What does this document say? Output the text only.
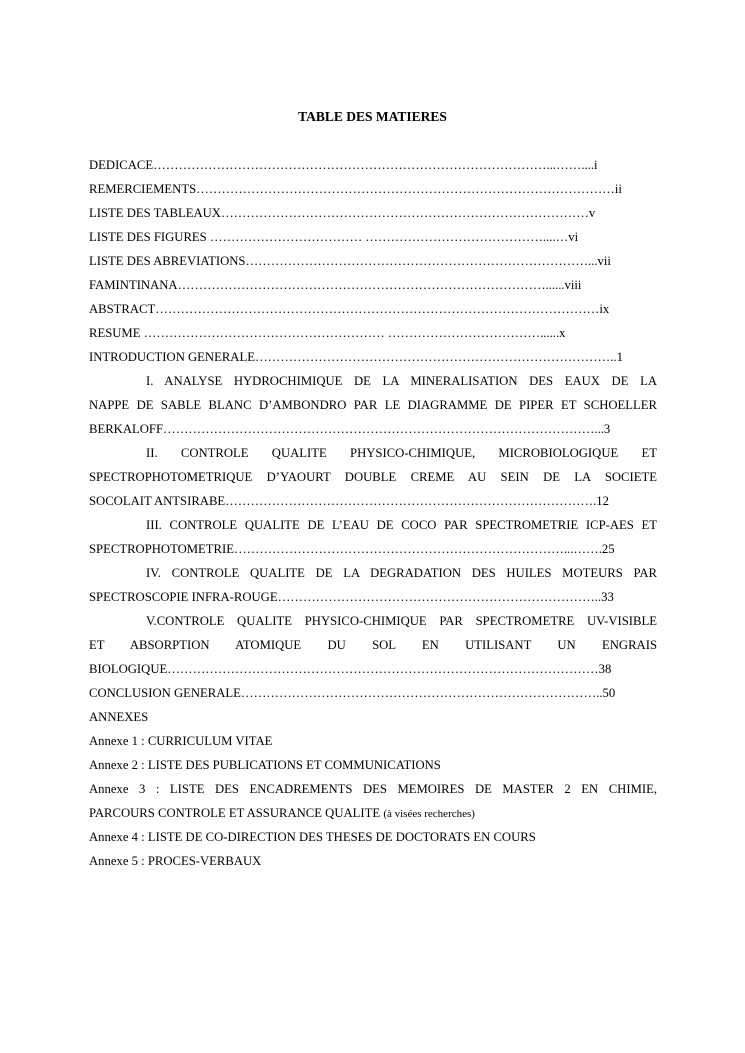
TABLE DES MATIERES
DEDICACE…………………………………………………………………………………...……....i
REMERCIEMENTS………………………………………………………………………………………ii
LISTE DES TABLEAUX……………………………………………………………………………v
LISTE DES FIGURES ……………………………… ……………………………………....…vi
LISTE DES ABREVIATIONS………………………………………………………………………...vii
FAMINTINANA……………………………………………………………………………......viii
ABSTRACT……………………………………………………………………………………………ix
RESUME ………………………………………………… ………………………………......x
INTRODUCTION GENERALE…………………………………………………………………………..1
I. ANALYSE HYDROCHIMIQUE DE LA MINERALISATION DES EAUX DE LA
NAPPE DE SABLE BLANC D’AMBONDRO PAR LE DIAGRAMME DE PIPER ET SCHOELLER
BERKALOFF…………………………………………………………………………………………...3
II. CONTROLE QUALITE PHYSICO-CHIMIQUE, MICROBIOLOGIQUE ET
SPECTROPHOTOMETRIQUE D’YAOURT DOUBLE CREME AU SEIN DE LA SOCIETE
SOCOLAIT ANTSIRABE…………………………………………………………………………….12
III. CONTROLE QUALITE DE L’EAU DE COCO PAR SPECTROMETRIE ICP-AES ET
SPECTROPHOTOMETRIE……………………………………………………………………...…….25
IV. CONTROLE QUALITE DE LA DEGRADATION DES HUILES MOTEURS PAR
SPECTROSCOPIE INFRA-ROUGE…………………………………………………………………..33
V.CONTROLE QUALITE PHYSICO-CHIMIQUE PAR SPECTROMETRE UV-VISIBLE
ET ABSORPTION ATOMIQUE DU SOL EN UTILISANT UN ENGRAIS
BIOLOGIQUE…………………………………………………………………………………………38
CONCLUSION GENERALE…………………………………………………………………………..50
ANNEXES
Annexe 1 : CURRICULUM VITAE
Annexe 2 : LISTE DES PUBLICATIONS ET COMMUNICATIONS
Annexe 3 : LISTE DES ENCADREMENTS DES MEMOIRES DE MASTER 2 EN CHIMIE,
PARCOURS CONTROLE ET ASSURANCE QUALITE (à visées recherches)
Annexe 4 : LISTE DE CO-DIRECTION DES THESES DE DOCTORATS EN COURS
Annexe 5 : PROCES-VERBAUX
